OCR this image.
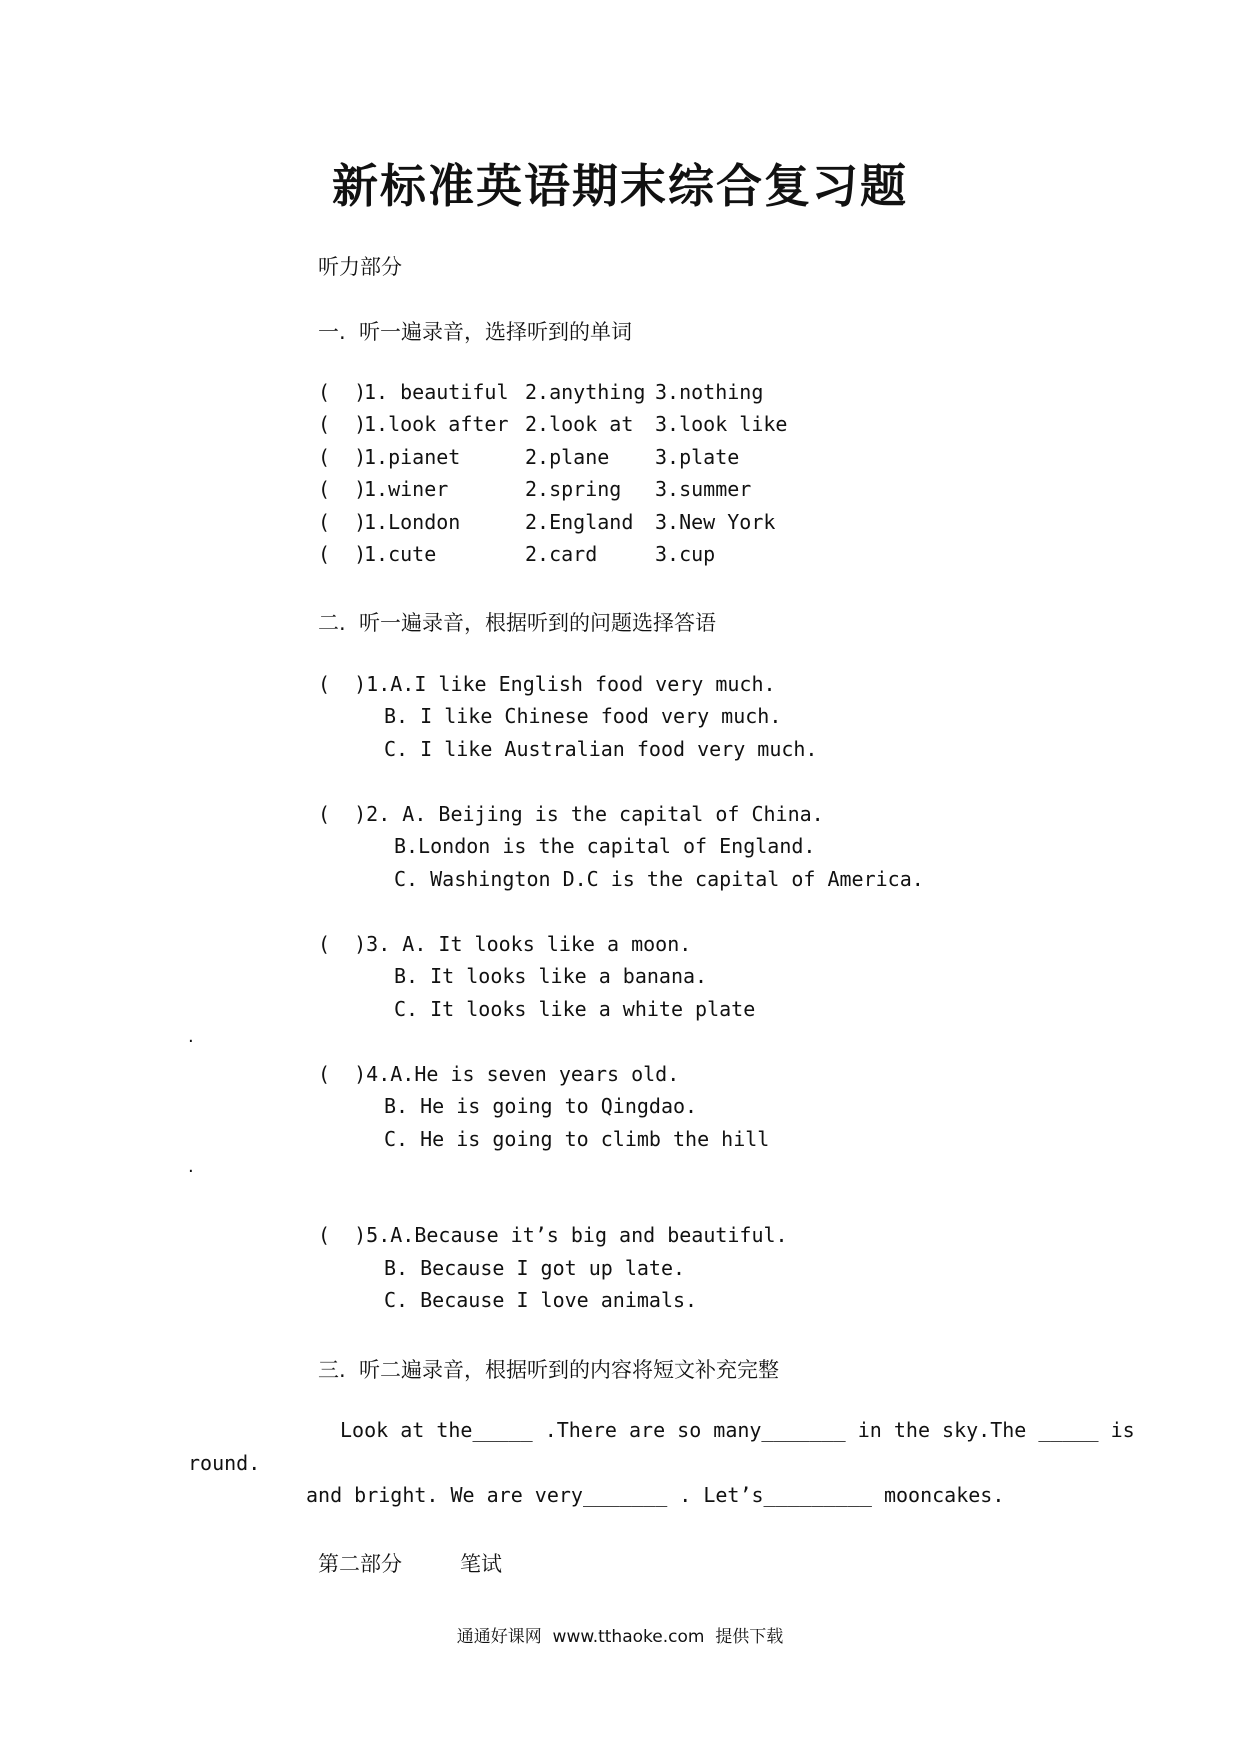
新标准英语期末综合复习题
听力部分
一.  听一遍录音，选择听到的单词
(  )
1. beautiful 2.anything 3.nothing
(  )
1.look after 2.look at 3.look like
(  )
1.pianet	2.plane 3.plate
(  )
1.winer	2.spring 3.summer
(  )
1.London	2.England 3.New York
(  )
1.cute	2.card	3.cup
二.  听一遍录音，根据听到的问题选择答语
(  )1.A.I like English food very much.
B. I like Chinese food very much.
C. I like Australian food very much.
(  )2. A. Beijing is the capital of China.
B.London is the capital of England.
C. Washington D.C is the capital of America.
(  )3. A. It looks like a moon.
B. It looks like a banana.
C. It looks like a white plate
.
(  )4.A.He is seven years old.
B. He is going to Qingdao.
C. He is going to climb the hill
.
(  )5.A.Because it’s big and beautiful.
B. Because I got up late.
C. Because I love animals.
三.  听二遍录音，根据听到的内容将短文补充完整
Look at the_____ .There are so many_______ in the sky.The _____ is
round.
and bright. We are very_______ . Let’s_________ mooncakes.
第二部分	笔试
通通好课网  www.tthaoke.com  提供下载
